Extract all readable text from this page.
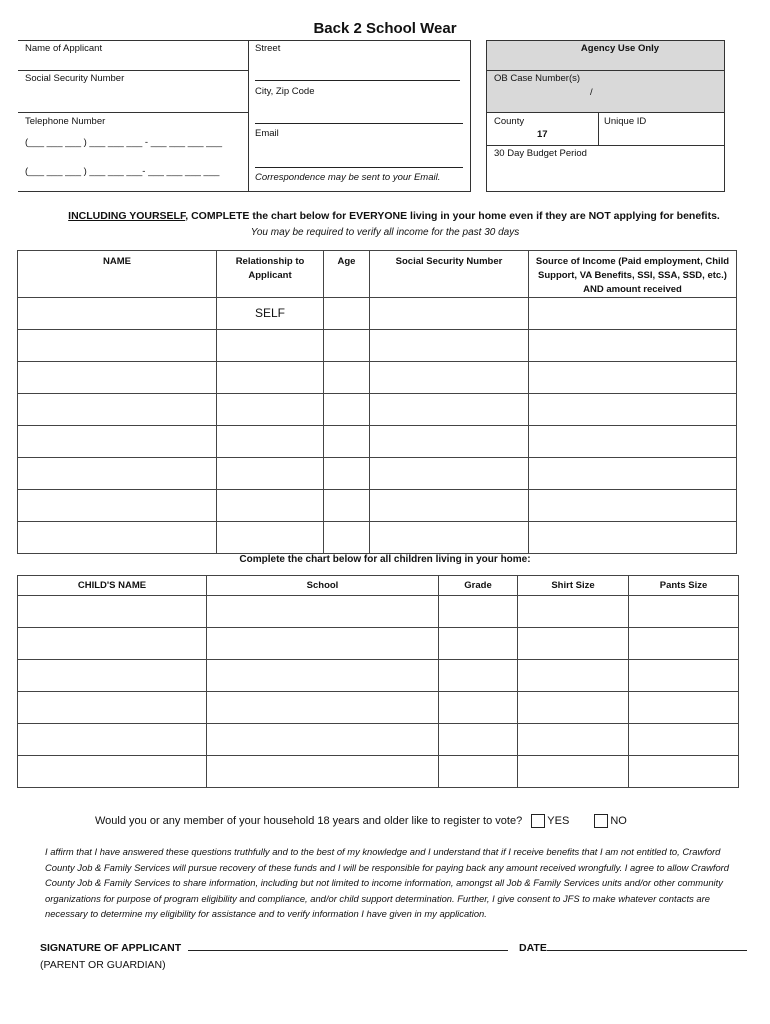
Back 2 School Wear
Name of Applicant
Social Security Number
Telephone Number
(___ ___ ___ ) ___ ___ ___ - ___ ___ ___ ___
(___ ___ ___ ) ___ ___ ___- ___ ___ ___ ___
Street
City, Zip Code
Email
Correspondence may be sent to your Email.
Agency Use Only
OB Case Number(s)
/
County
17
Unique ID
30 Day Budget Period
INCLUDING YOURSELF, COMPLETE the chart below for EVERYONE living in your home even if they are NOT applying for benefits.
You may be required to verify all income for the past 30 days
NAME	Relationship to Applicant	Age	Social Security Number	Source of Income (Paid employment, Child Support, VA Benefits, SSI, SSA, SSD, etc.) AND amount received
	SELF			

Complete the chart below for all children living in your home:
CHILD'S NAME	School	Grade	Shirt Size	Pants Size

Would you or any member of your household 18 years and older like to register to vote? YES	NO
I affirm that I have answered these questions truthfully and to the best of my knowledge and I understand that if I receive benefits that I am not entitled to, Crawford County Job & Family Services will pursue recovery of these funds and I will be responsible for paying back any amount received wrongfully. I agree to allow Crawford County Job & Family Services to share information, including but not limited to income information, amongst all Job & Family Services units and/or other community organizations for purpose of program eligibility and compliance, and/or child support determination. Further, I give consent to JFS to make whatever contacts are necessary to determine my eligibility for assistance and to verify information I have given in my application.
SIGNATURE OF APPLICANT	DATE
(PARENT OR GUARDIAN)
